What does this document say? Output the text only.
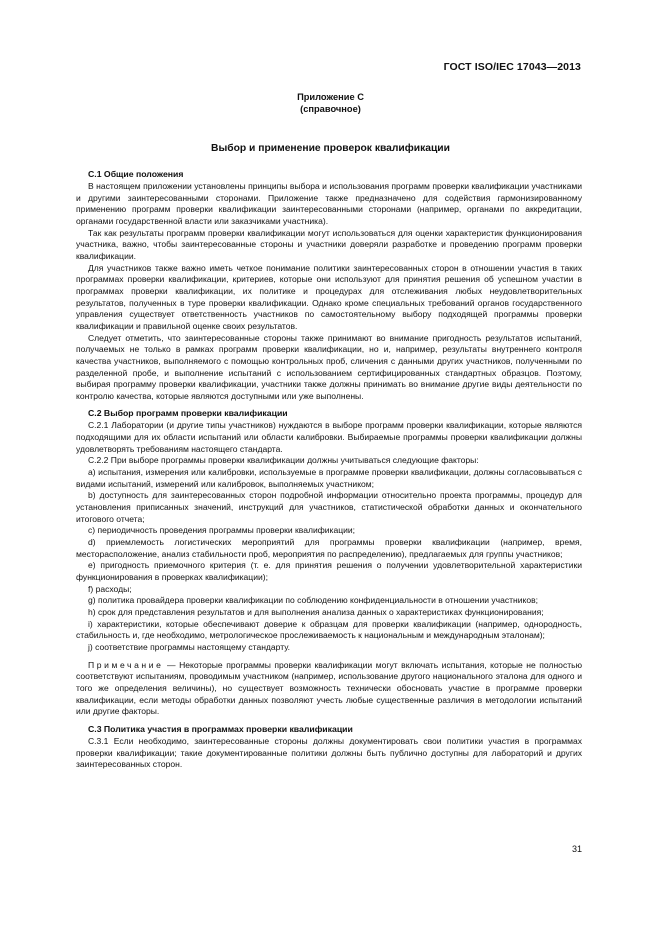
ГОСТ ISO/IEC 17043—2013
Приложение С
(справочное)
Выбор и применение проверок квалификации
С.1 Общие положения

В настоящем приложении установлены принципы выбора и использования программ проверки квалификации участниками и другими заинтересованными сторонами. Приложение также предназначено для содействия гармонизированному применению программ проверки квалификации заинтересованными сторонами (например, органами по аккредитации, органами государственной власти или заказчиками участника).

Так как результаты программ проверки квалификации могут использоваться для оценки характеристик функционирования участника, важно, чтобы заинтересованные стороны и участники доверяли разработке и проведению программ проверки квалификации.

Для участников также важно иметь четкое понимание политики заинтересованных сторон в отношении участия в таких программах проверки квалификации, критериев, которые они используют для принятия решения об успешном участии в программах проверки квалификации, их политике и процедурах для отслеживания любых неудовлетворительных результатов, полученных в туре проверки квалификации. Однако кроме специальных требований органов государственного управления существует ответственность участников по самостоятельному выбору подходящей программы проверки квалификации и правильной оценке своих результатов.

Следует отметить, что заинтересованные стороны также принимают во внимание пригодность результатов испытаний, получаемых не только в рамках программ проверки квалификации, но и, например, результаты внутреннего контроля качества участников, выполняемого с помощью контрольных проб, сличения с данными других участников, полученными по разделенной пробе, и выполнение испытаний с использованием сертифицированных стандартных образцов. Поэтому, выбирая программу проверки квалификации, участники также должны принимать во внимание другие виды деятельности по контролю качества, которые являются доступными или уже выполнены.

С.2 Выбор программ проверки квалификации

С.2.1 Лаборатории (и другие типы участников) нуждаются в выборе программ проверки квалификации, которые являются подходящими для их области испытаний или области калибровки. Выбираемые программы проверки квалификации должны удовлетворять требованиям настоящего стандарта.

С.2.2 При выборе программы проверки квалификации должны учитываться следующие факторы:

а) испытания, измерения или калибровки, используемые в программе проверки квалификации, должны согласовываться с видами испытаний, измерений или калибровок, выполняемых участником;

b) доступность для заинтересованных сторон подробной информации относительно проекта программы, процедур для установления приписанных значений, инструкций для участников, статистической обработки данных и окончательного итогового отчета;

с) периодичность проведения программы проверки квалификации;

d) приемлемость логистических мероприятий для программы проверки квалификации (например, время, месторасположение, анализ стабильности проб, мероприятия по распределению), предлагаемых для группы участников;

е) пригодность приемочного критерия (т. е. для принятия решения о получении удовлетворительной характеристики функционирования в проверках квалификации);

f) расходы;

g) политика провайдера проверки квалификации по соблюдению конфиденциальности в отношении участников;

h) срок для представления результатов и для выполнения анализа данных о характеристиках функционирования;

i) характеристики, которые обеспечивают доверие к образцам для проверки квалификации (например, однородность, стабильность и, где необходимо, метрологическое прослеживаемость к национальным и международным эталонам);

j) соответствие программы настоящему стандарту.

Примечание — Некоторые программы проверки квалификации могут включать испытания, которые не полностью соответствуют испытаниям, проводимым участником (например, использование другого национального эталона для одного и того же определения величины), но существует возможность технически обосновать участие в программе проверки квалификации, если методы обработки данных позволяют учесть любые существенные различия в методологии испытаний или другие факторы.

С.3 Политика участия в программах проверки квалификации

С.3.1 Если необходимо, заинтересованные стороны должны документировать свои политики участия в программах проверки квалификации; такие документированные политики должны быть публично доступны для лабораторий и других заинтересованных сторон.

31
